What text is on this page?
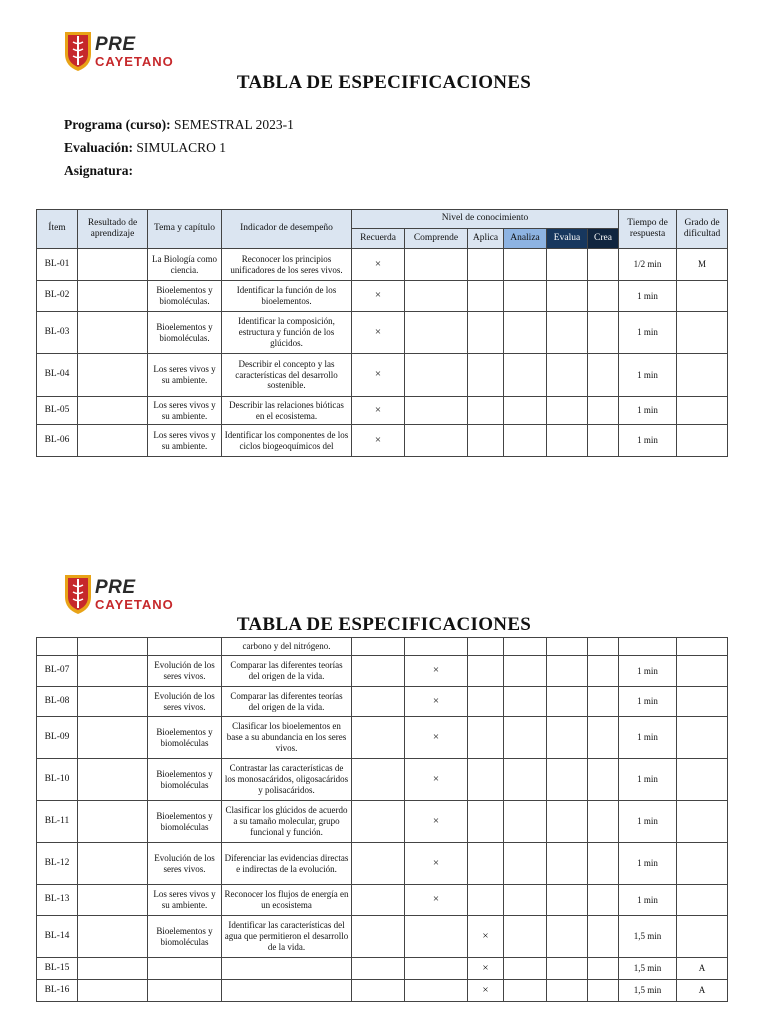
PRE
CAYETANO
TABLA DE ESPECIFICACIONES
Programa (curso): SEMESTRAL 2023-1
Evaluación: SIMULACRO 1
Asignatura:
Ítem	Resultado de aprendizaje	Tema y capítulo	Indicador de desempeño	Nivel de conocimiento						Tiempo de respuesta	Grado de dificultad
				Recuerda	Comprende	Aplica	Analiza	Evalua	Crea		
BL-01		La Biología como ciencia.	Reconocer los principios unificadores de los seres vivos.	×						1/2 min	M
BL-02		Bioelementos y biomoléculas.	Identificar la función de los bioelementos.	×						1 min	
BL-03		Bioelementos y biomoléculas.	Identificar la composición, estructura y función de los glúcidos.	×						1 min	
BL-04		Los seres vivos y su ambiente.	Describir el concepto y las características del desarrollo sostenible.	×						1 min	
BL-05		Los seres vivos y su ambiente.	Describir las relaciones bióticas en el ecosistema.	×						1 min	
BL-06		Los seres vivos y su ambiente.	Identificar los componentes de los ciclos biogeoquímicos del	×						1 min	
PRE
CAYETANO
TABLA DE ESPECIFICACIONES
			carbono y del nitrógeno.								
BL-07		Evolución de los seres vivos.	Comparar las diferentes teorías del origen de la vida.		×					1 min	
BL-08		Evolución de los seres vivos.	Comparar las diferentes teorías del origen de la vida.		×					1 min	
BL-09		Bioelementos y biomoléculas	Clasificar los bioelementos en base a su abundancia en los seres vivos.		×					1 min	
BL-10		Bioelementos y biomoléculas	Contrastar las características de los monosacáridos, oligosacáridos y polisacáridos.		×					1 min	
BL-11		Bioelementos y biomoléculas	Clasificar los glúcidos de acuerdo a su tamaño molecular, grupo funcional y función.		×					1 min	
BL-12		Evolución de los seres vivos.	Diferenciar las evidencias directas e indirectas de la evolución.		×					1 min	
BL-13		Los seres vivos y su ambiente.	Reconocer los flujos de energía en un ecosistema		×					1 min	
BL-14		Bioelementos y biomoléculas	Identificar las características del agua que permitieron el desarrollo de la vida.			×				1,5 min	
BL-15						×				1,5 min	A
BL-16						×				1,5 min	A
